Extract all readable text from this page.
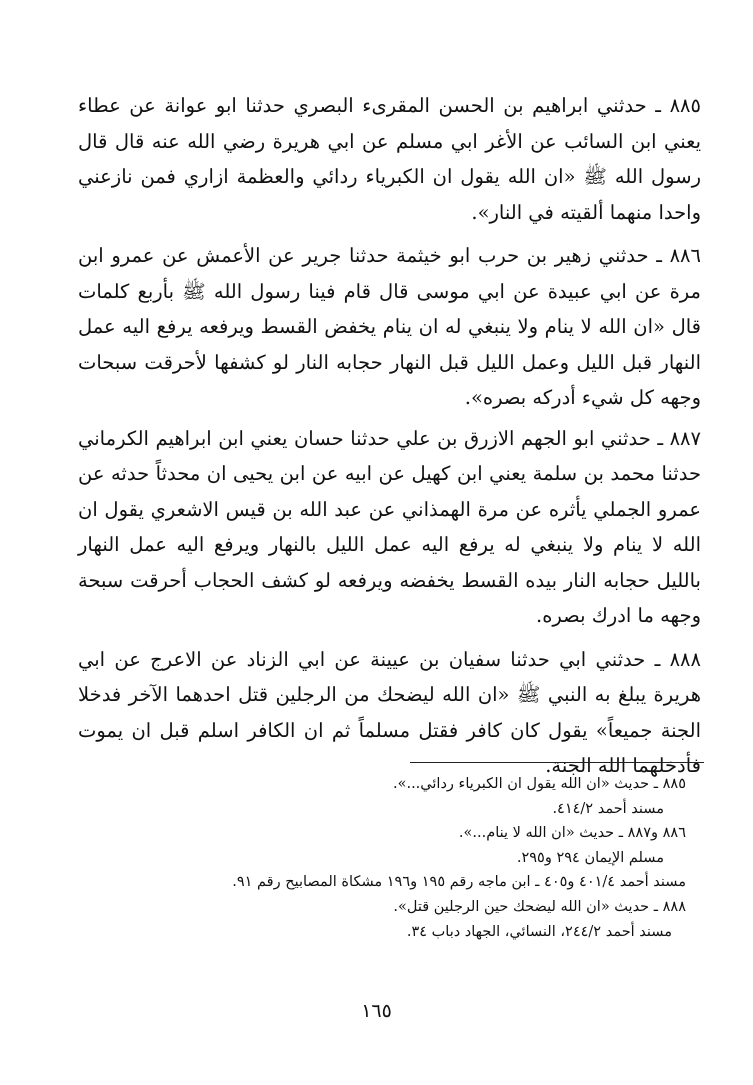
٨٨٥ ـ حدثني ابراهيم بن الحسن المقرىء البصري حدثنا ابو عوانة عن عطاء يعني ابن السائب عن الأغر ابي مسلم عن ابي هريرة رضي الله عنه قال قال رسول الله ﷺ «ان الله يقول ان الكبرياء ردائي والعظمة ازاري فمن نازعني واحدا منهما ألقيته في النار».

٨٨٦ ـ حدثني زهير بن حرب ابو خيثمة حدثنا جرير عن الأعمش عن عمرو ابن مرة عن ابي عبيدة عن ابي موسى قال قام فينا رسول الله ﷺ بأربع كلمات قال «ان الله لا ينام ولا ينبغي له ان ينام يخفض القسط ويرفعه يرفع اليه عمل النهار قبل الليل وعمل الليل قبل النهار حجابه النار لو كشفها لأحرقت سبحات وجهه كل شيء أدركه بصره».

٨٨٧ ـ حدثني ابو الجهم الازرق بن علي حدثنا حسان يعني ابن ابراهيم الكرماني حدثنا محمد بن سلمة يعني ابن كهيل عن ابيه عن ابن يحيى ان محدثاً حدثه عن عمرو الجملي يأثره عن مرة الهمذاني عن عبد الله بن قيس الاشعري يقول ان الله لا ينام ولا ينبغي له يرفع اليه عمل الليل بالنهار ويرفع اليه عمل النهار بالليل حجابه النار بيده القسط يخفضه ويرفعه لو كشف الحجاب أحرقت سبحة وجهه ما ادرك بصره.

٨٨٨ ـ حدثني ابي حدثنا سفيان بن عيينة عن ابي الزناد عن الاعرج عن ابي هريرة يبلغ به النبي ﷺ «ان الله ليضحك من الرجلين قتل احدهما الآخر فدخلا الجنة جميعاً» يقول كان كافر فقتل مسلماً ثم ان الكافر اسلم قبل ان يموت فأدخلهما الله الجنة.

٨٨٥ ـ حديث «ان الله يقول ان الكبرياء ردائي...».

مسند أحمد ٤١٤/٢.

٨٨٦ و٨٨٧ ـ حديث «ان الله لا ينام...».

مسلم الإيمان ٢٩٤ و٢٩٥.

مسند أحمد ٤٠١/٤ و٤٠٥ ـ ابن ماجه رقم ١٩٥ و١٩٦ مشكاة المصابيح رقم ٩١.

٨٨٨ ـ حديث «ان الله ليضحك حين الرجلين قتل».

مسند أحمد ٢٤٤/٢، النسائي، الجهاد دباب ٣٤.

١٦٥
